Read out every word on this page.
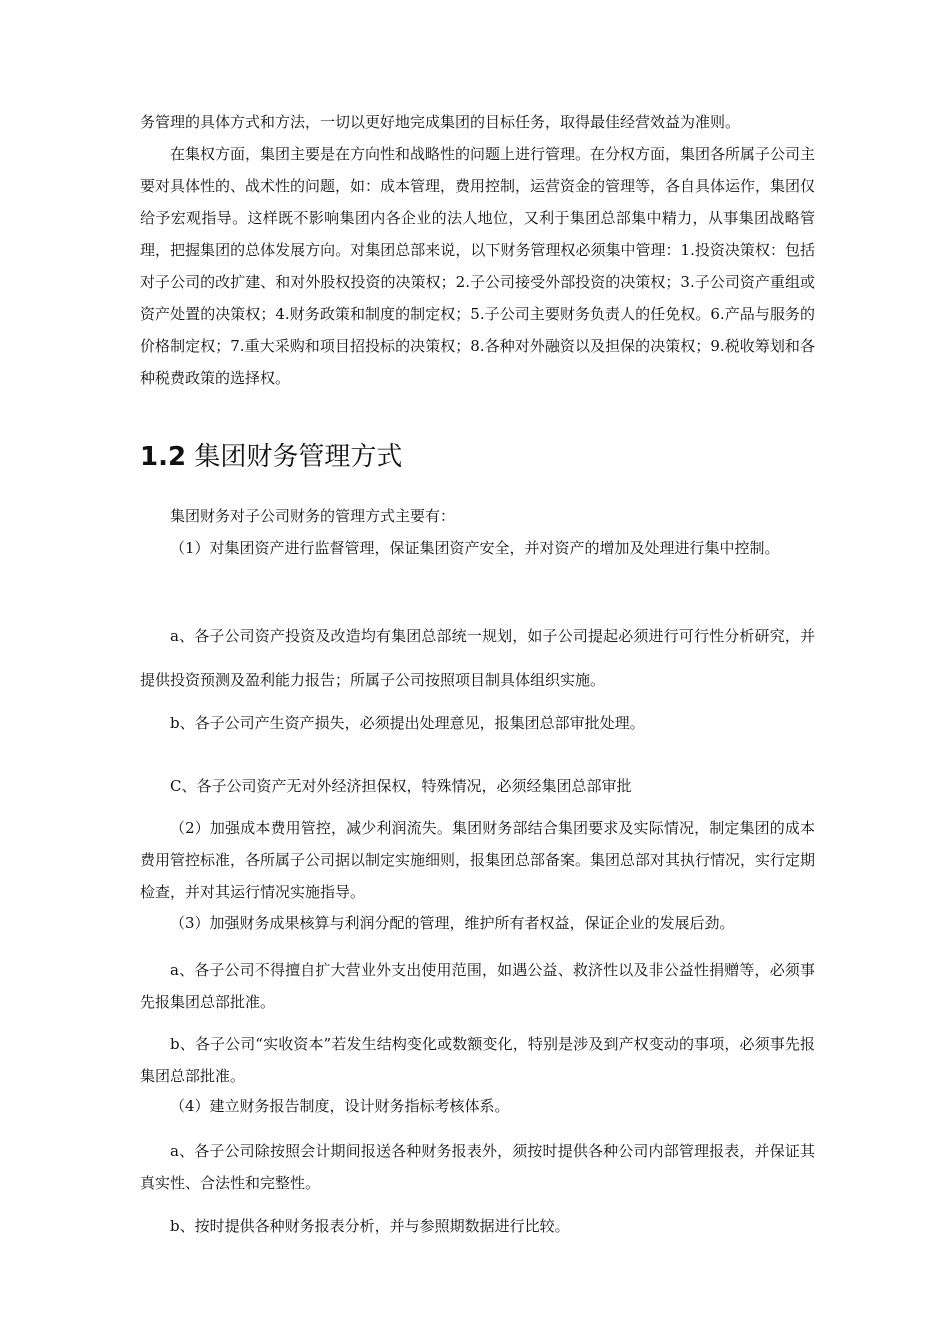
务管理的具体方式和方法，一切以更好地完成集团的目标任务，取得最佳经营效益为准则。

在集权方面，集团主要是在方向性和战略性的问题上进行管理。在分权方面，集团各所属子公司主要对具体性的、战术性的问题，如：成本管理，费用控制，运营资金的管理等，各自具体运作，集团仅给予宏观指导。这样既不影响集团内各企业的法人地位，又利于集团总部集中精力，从事集团战略管理，把握集团的总体发展方向。对集团总部来说，以下财务管理权必须集中管理：1.投资决策权：包括对子公司的改扩建、和对外股权投资的决策权；2.子公司接受外部投资的决策权；3.子公司资产重组或资产处置的决策权；4.财务政策和制度的制定权；5.子公司主要财务负责人的任免权。6.产品与服务的价格制定权；7.重大采购和项目招投标的决策权；8.各种对外融资以及担保的决策权；9.税收筹划和各种税费政策的选择权。

1.2 集团财务管理方式

集团财务对子公司财务的管理方式主要有：

（1）对集团资产进行监督管理，保证集团资产安全，并对资产的增加及处理进行集中控制。

a、各子公司资产投资及改造均有集团总部统一规划，如子公司提起必须进行可行性分析研究，并提供投资预测及盈利能力报告；所属子公司按照项目制具体组织实施。

b、各子公司产生资产损失，必须提出处理意见，报集团总部审批处理。

C、各子公司资产无对外经济担保权，特殊情况，必须经集团总部审批

（2）加强成本费用管控，减少利润流失。集团财务部结合集团要求及实际情况，制定集团的成本费用管控标准，各所属子公司据以制定实施细则，报集团总部备案。集团总部对其执行情况，实行定期检查，并对其运行情况实施指导。

（3）加强财务成果核算与利润分配的管理，维护所有者权益，保证企业的发展后劲。

a、各子公司不得擅自扩大营业外支出使用范围，如遇公益、救济性以及非公益性捐赠等，必须事先报集团总部批准。

b、各子公司“实收资本”若发生结构变化或数额变化，特别是涉及到产权变动的事项，必须事先报集团总部批准。

（4）建立财务报告制度，设计财务指标考核体系。

a、各子公司除按照会计期间报送各种财务报表外，须按时提供各种公司内部管理报表，并保证其真实性、合法性和完整性。

b、按时提供各种财务报表分析，并与参照期数据进行比较。
